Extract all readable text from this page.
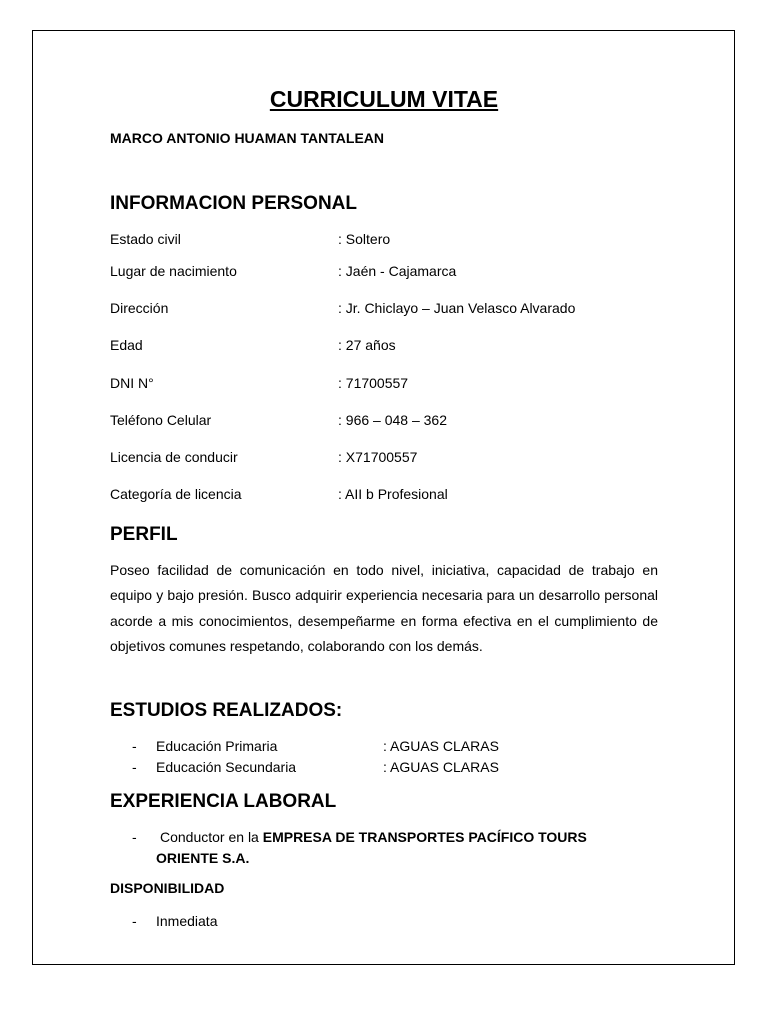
CURRICULUM VITAE
MARCO ANTONIO HUAMAN TANTALEAN
INFORMACION PERSONAL
Estado civil	: Soltero
Lugar de nacimiento	: Jaén - Cajamarca
Dirección	: Jr. Chiclayo – Juan Velasco Alvarado
Edad	: 27 años
DNI N°	: 71700557
Teléfono Celular	: 966 – 048 – 362
Licencia de conducir	: X71700557
Categoría de licencia	: AII b Profesional
PERFIL

Poseo facilidad de comunicación en todo nivel, iniciativa, capacidad de trabajo en equipo y bajo presión. Busco adquirir experiencia necesaria para un desarrollo personal acorde a mis conocimientos, desempeñarme en forma efectiva en el cumplimiento de objetivos comunes respetando, colaborando con los demás.

ESTUDIOS REALIZADOS:
- Educación Primaria	: AGUAS CLARAS
- Educación Secundaria	: AGUAS CLARAS
EXPERIENCIA LABORAL
- Conductor en la EMPRESA DE TRANSPORTES PACÍFICO TOURS
ORIENTE S.A.
DISPONIBILIDAD
- Inmediata
